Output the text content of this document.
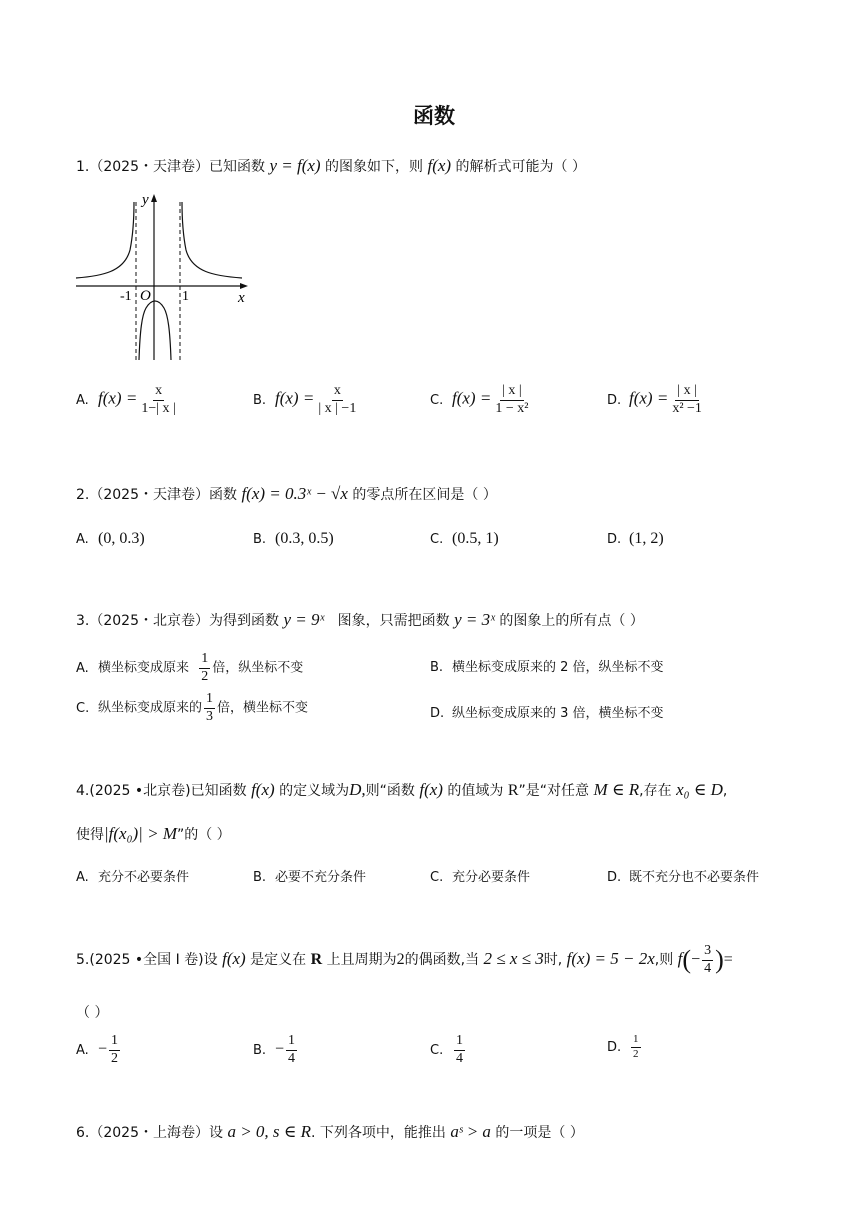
函数
1.（2025・天津卷）已知函数 y = f(x) 的图象如下，则 f(x) 的解析式可能为（ ）
y
x
O
-1	1
A. $f(x) = \frac{x}{1-| x |}$	B. $f(x) = \frac{x}{| x | -1}$	C. $f(x) = \frac{| x |}{\text{1 − x²}}$	D. $f(x) = \frac{| x |}{\text{x² −1}}$
2.（2025・天津卷）函数 f(x) = 0.3ˣ − √x 的零点所在区间是（ ）
A. (0, 0.3)	B. (0.3, 0.5)	C. (0.5, 1)	D. (1, 2)
3.（2025・北京卷）为得到函数 y = 9ˣ 图象，只需把函数 y = 3ˣ 的图象上的所有点（ ）
A. 横坐标变成原来 $\frac{1}{2}$ 倍，纵坐标不变	B. 横坐标变成原来的 2 倍，纵坐标不变
C. 纵坐标变成原来的 $\frac{1}{3}$ 倍，横坐标不变	D. 纵坐标变成原来的 3 倍，横坐标不变
4.(2025 •北京卷)已知函数 f(x) 的定义域为D,则“函数 f(x) 的值域为 R”是“对任意 M ∈ R,存在 x₀ ∈ D,
使得|f(x₀)| > M”的（ ）
A. 充分不必要条件	B. 必要不充分条件	C. 充分必要条件	D. 既不充分也不必要条件
5.(2025 •全国 I 卷)设 f(x) 是定义在 R 上且周期为2的偶函数,当 2 ≤ x ≤ 3时, f(x) = 5 − 2x,则 $f(- \frac{3}{4}$ )=
（ ）
A. − $\frac{1}{2}$	B. − $\frac{1}{4}$	C. $\frac{1}{4}$	D. $\frac{1}{2}$
6.（2025・上海卷）设 a > 0, s ∈ R. 下列各项中，能推出 aˢ > a 的一项是（ ）
